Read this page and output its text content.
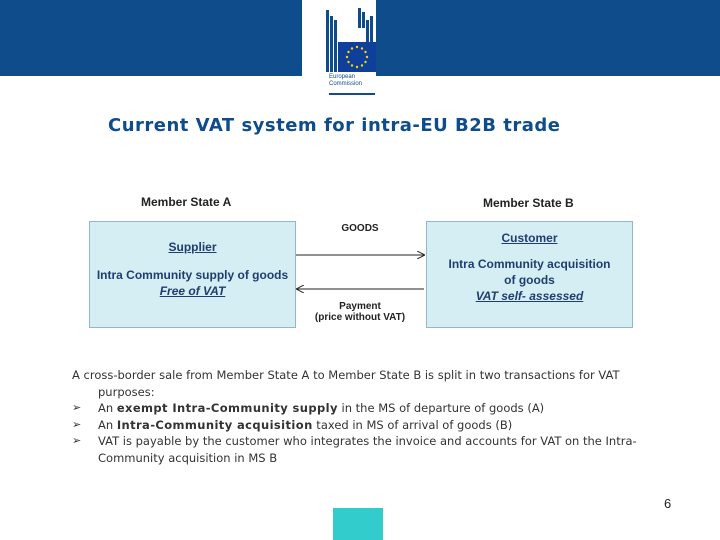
European
Commission
Current VAT system for intra-EU B2B trade
Member State A	Member State B
Supplier
Intra Community supply of goods
Free of VAT
Customer
Intra Community acquisition
of goods
VAT self- assessed
GOODS
Payment
(price without VAT)
A cross-border sale from Member State A to Member State B is split in two transactions for VAT purposes:
➢ An exempt Intra-Community supply in the MS of departure of goods (A)
➢ An Intra-Community acquisition taxed in MS of arrival of goods (B)
➢ VAT is payable by the customer who integrates the invoice and accounts for VAT on the Intra-Community acquisition in MS B
6
